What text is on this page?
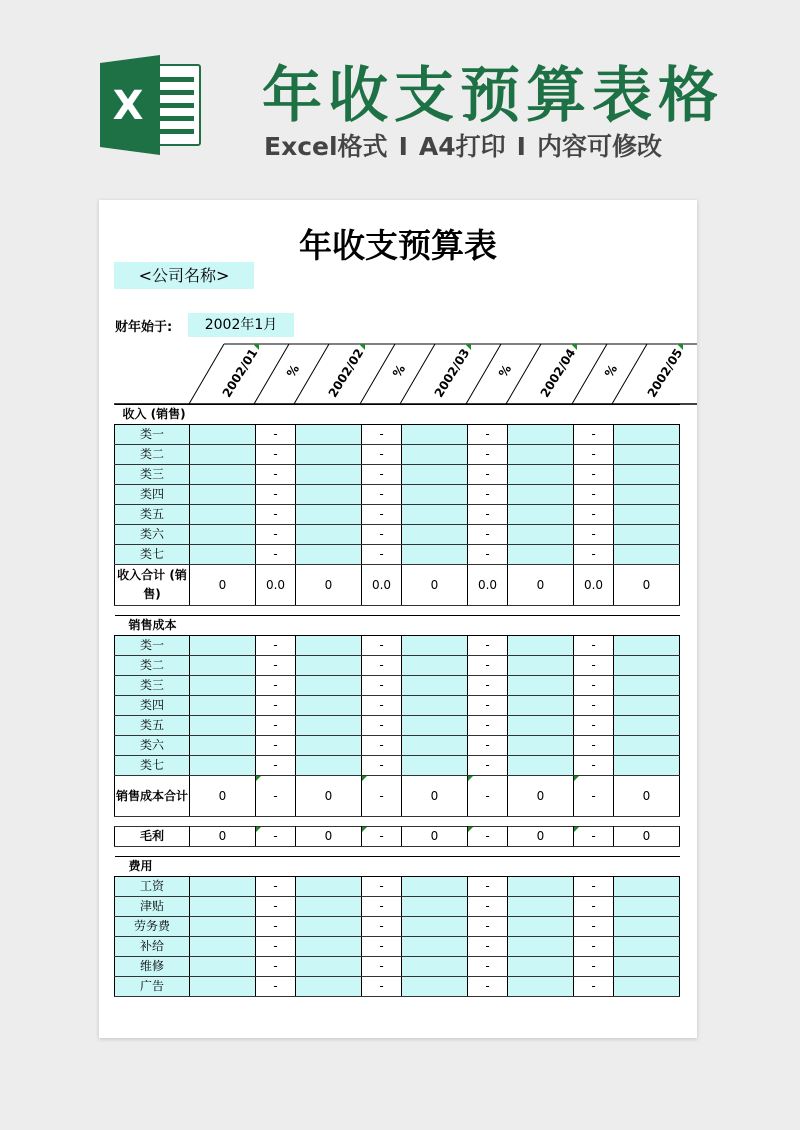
X 年收支预算表格
Excel格式 I A4打印 I 内容可修改
年收支预算表
<公司名称>
财年始于:	2002年1月
2002/01 % 2002/02 % 2002/03 % 2002/04 % 2002/05
收入 (销售)									
类一		-		-		-		-	
类二		-		-		-		-	
类三		-		-		-		-	
类四		-		-		-		-	
类五		-		-		-		-	
类六		-		-		-		-	
类七		-		-		-		-	
收入合计 (销售)	0	0.0	0	0.0	0	0.0	0	0.0	0

销售成本									
类一		-		-		-		-	
类二		-		-		-		-	
类三		-		-		-		-	
类四		-		-		-		-	
类五		-		-		-		-	
类六		-		-		-		-	
类七		-		-		-		-	
销售成本合计	0	-	0	-	0	-	0	-	0

毛利	0	-	0	-	0	-	0	-	0

费用									
工资		-		-		-		-	
津贴		-		-		-		-	
劳务费		-		-		-		-	
补给		-		-		-		-	
维修		-		-		-		-	
广告		-		-		-		-	
